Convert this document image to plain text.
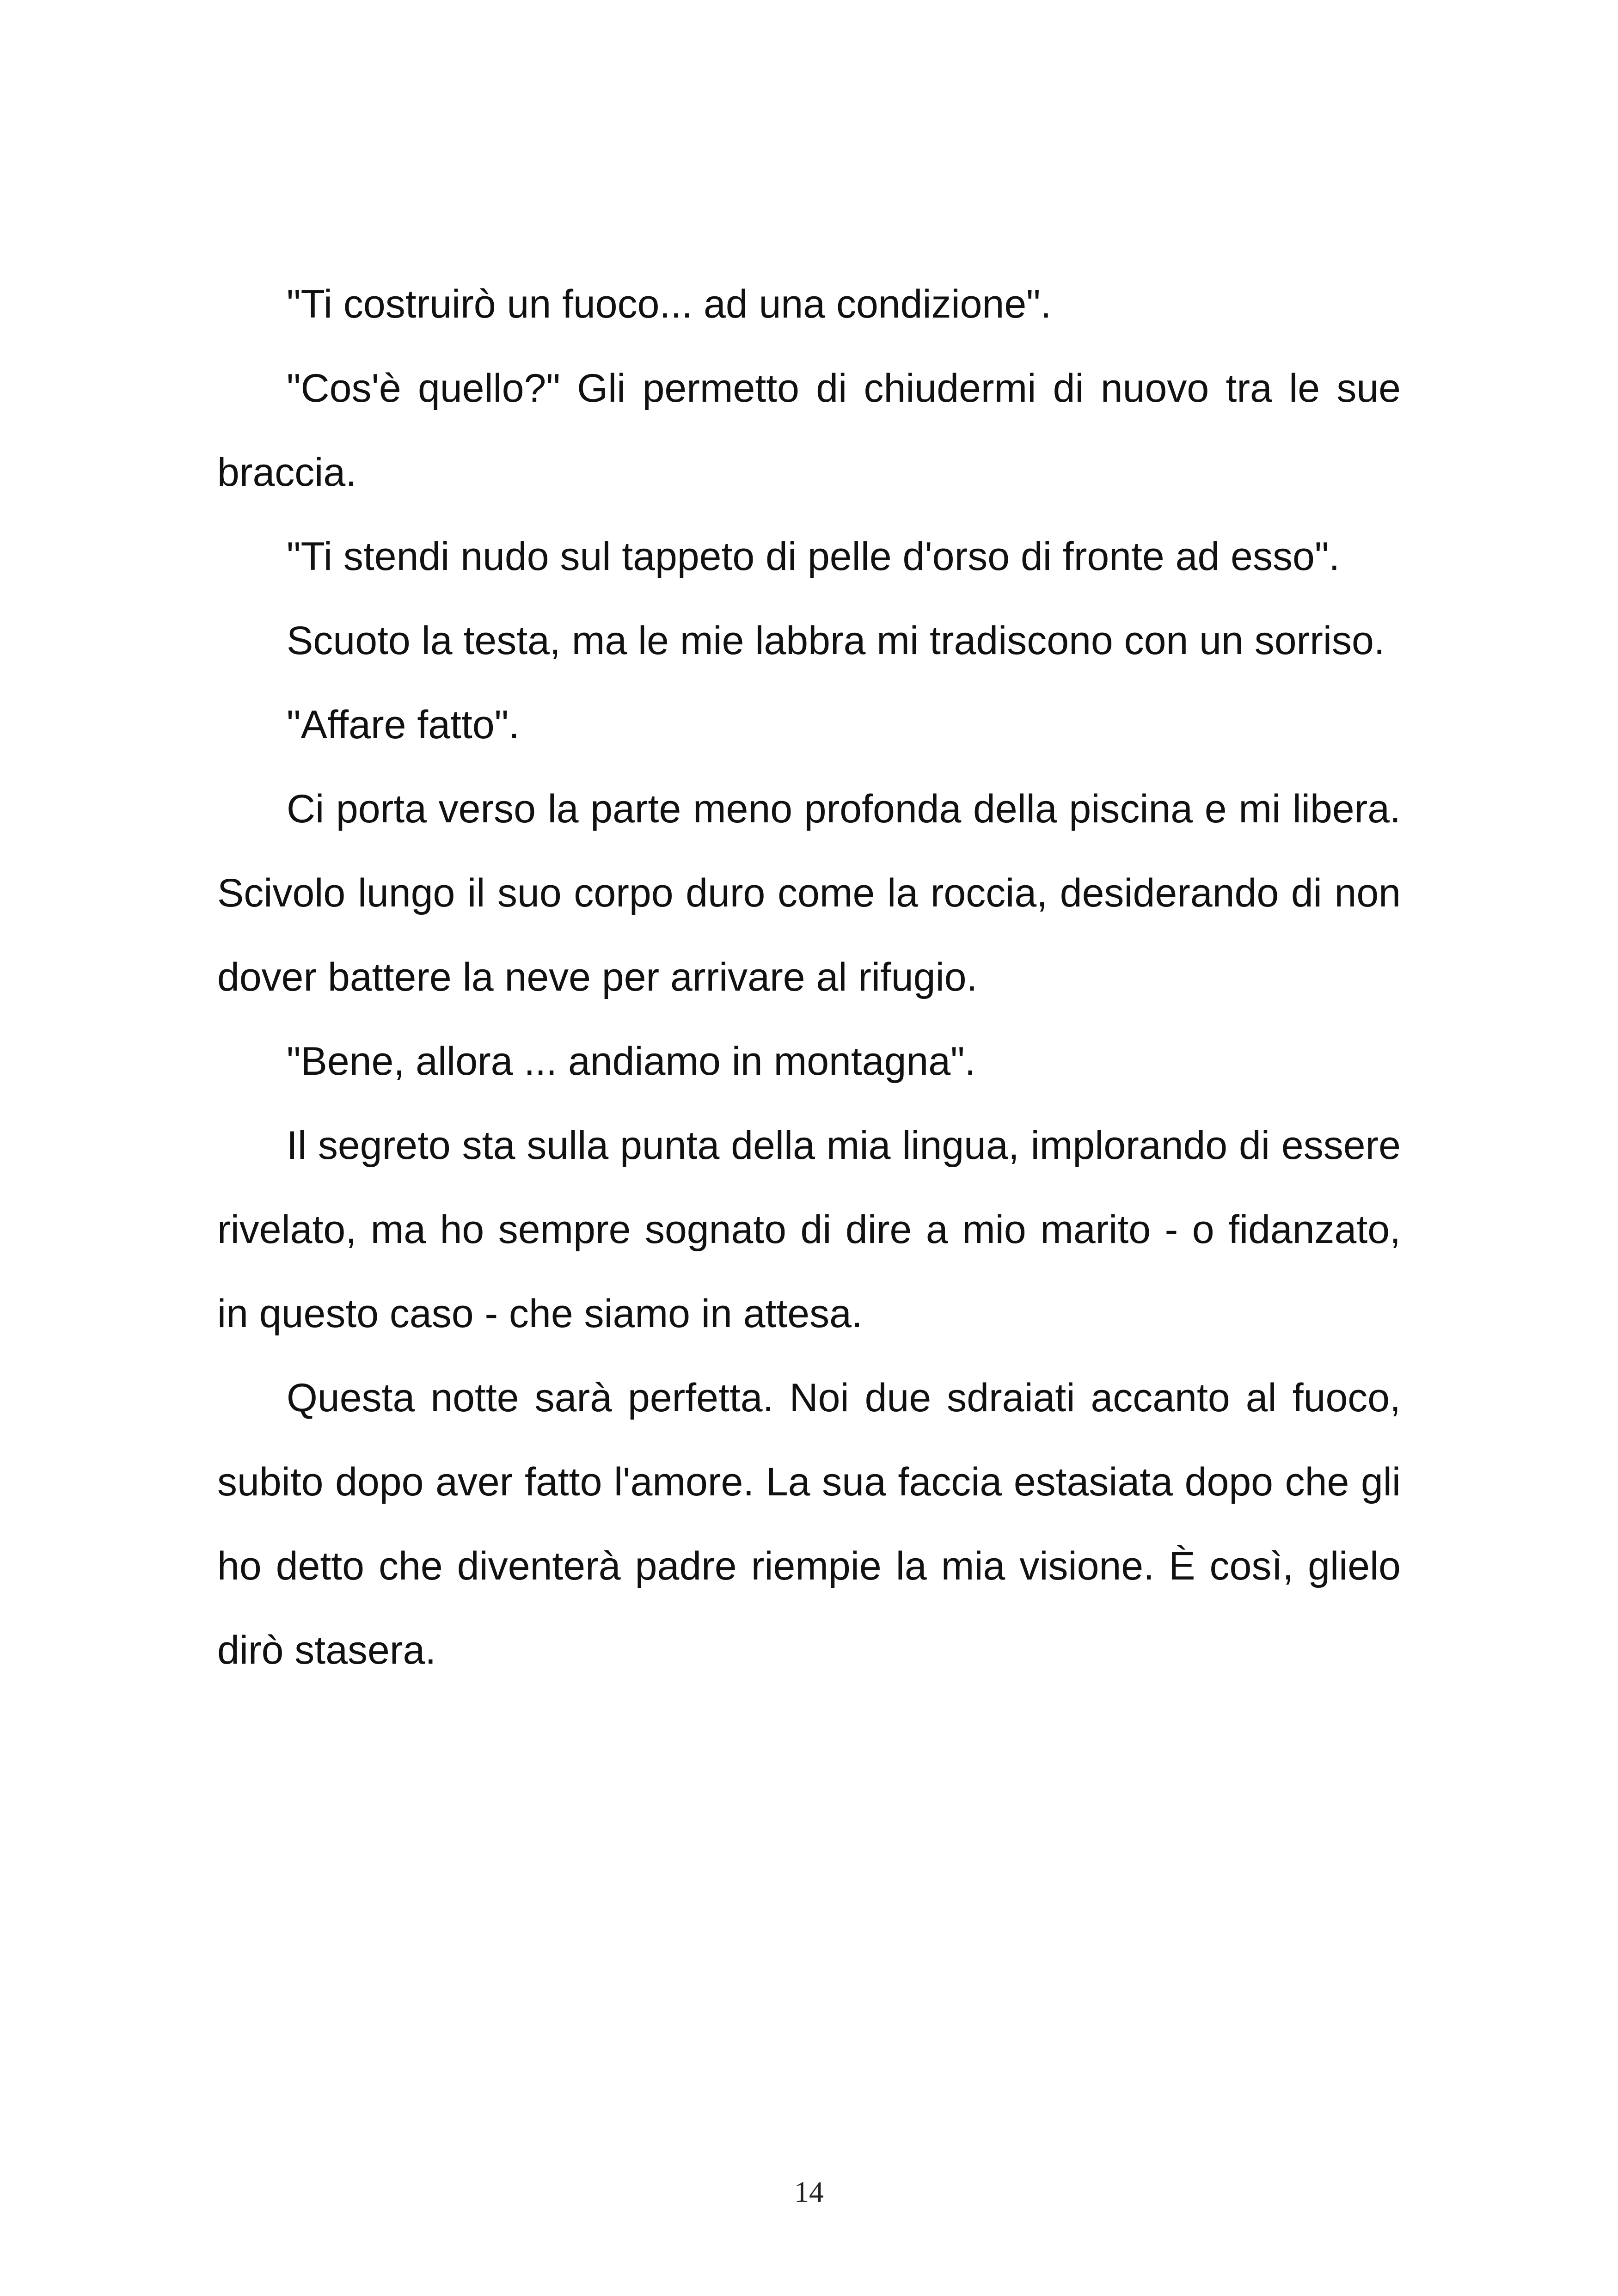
"Ti costruirò un fuoco... ad una condizione".

"Cos'è quello?" Gli permetto di chiudermi di nuovo tra le sue braccia.

"Ti stendi nudo sul tappeto di pelle d'orso di fronte ad esso".

Scuoto la testa, ma le mie labbra mi tradiscono con un sorriso.

"Affare fatto".

Ci porta verso la parte meno profonda della piscina e mi libera. Scivolo lungo il suo corpo duro come la roccia, desiderando di non dover battere la neve per arrivare al rifugio.

"Bene, allora ... andiamo in montagna".

Il segreto sta sulla punta della mia lingua, implorando di essere rivelato, ma ho sempre sognato di dire a mio marito - o fidanzato, in questo caso - che siamo in attesa.

Questa notte sarà perfetta. Noi due sdraiati accanto al fuoco, subito dopo aver fatto l'amore. La sua faccia estasiata dopo che gli ho detto che diventerà padre riempie la mia visione. È così, glielo dirò stasera.

14
